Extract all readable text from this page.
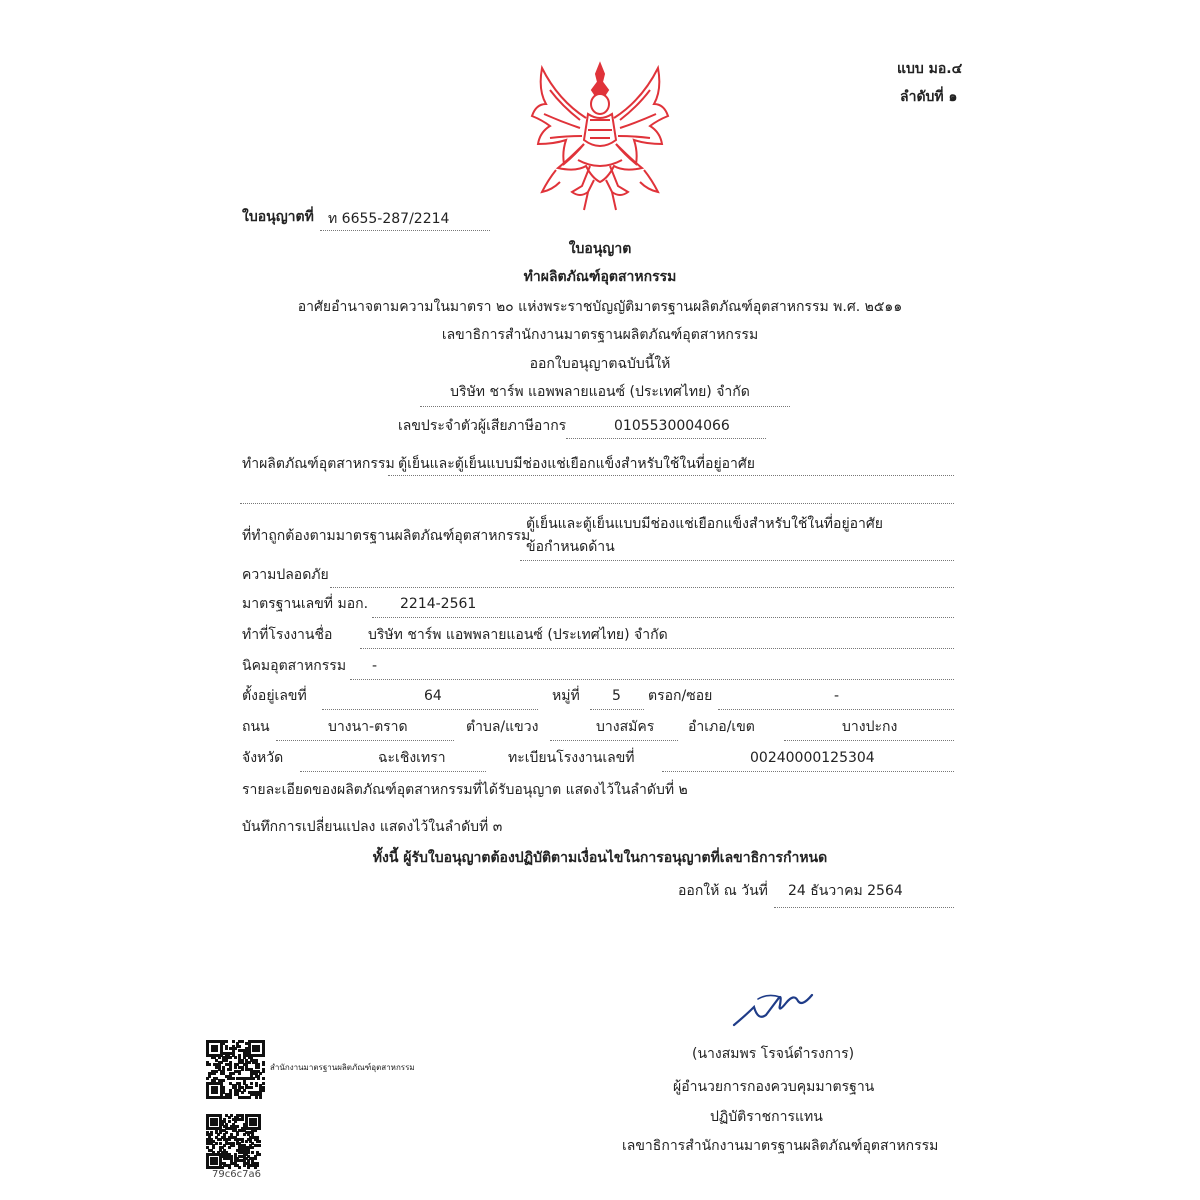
แบบ มอ.๔
ลำดับที่ ๑
ใบอนุญาตที่ ท 6655-287/2214
ใบอนุญาต
ทำผลิตภัณฑ์อุตสาหกรรม
อาศัยอำนาจตามความในมาตรา ๒๐ แห่งพระราชบัญญัติมาตรฐานผลิตภัณฑ์อุตสาหกรรม พ.ศ. ๒๕๑๑
เลขาธิการสำนักงานมาตรฐานผลิตภัณฑ์อุตสาหกรรม
ออกใบอนุญาตฉบับนี้ให้
บริษัท ชาร์พ แอพพลายแอนซ์ (ประเทศไทย) จำกัด
เลขประจำตัวผู้เสียภาษีอากร	0105530004066
ทำผลิตภัณฑ์อุตสาหกรรม ตู้เย็นและตู้เย็นแบบมีช่องแช่เยือกแข็งสำหรับใช้ในที่อยู่อาศัย
ที่ทำถูกต้องตามมาตรฐานผลิตภัณฑ์อุตสาหกรรม
ตู้เย็นและตู้เย็นแบบมีช่องแช่เยือกแข็งสำหรับใช้ในที่อยู่อาศัย
ข้อกำหนดด้าน
ความปลอดภัย
มาตรฐานเลขที่ มอก. 2214-2561
ทำที่โรงงานชื่อ	บริษัท ชาร์พ แอพพลายแอนซ์ (ประเทศไทย) จำกัด
นิคมอุตสาหกรรม -
ตั้งอยู่เลขที่	64	หมู่ที่ 5 ตรอก/ซอย	-
ถนน	บางนา-ตราด	ตำบล/แขวง	บางสมัคร อำเภอ/เขต	บางปะกง
จังหวัด	ฉะเชิงเทรา	ทะเบียนโรงงานเลขที่	00240000125304
รายละเอียดของผลิตภัณฑ์อุตสาหกรรมที่ได้รับอนุญาต แสดงไว้ในลำดับที่ ๒
บันทึกการเปลี่ยนแปลง แสดงไว้ในลำดับที่ ๓
ทั้งนี้ ผู้รับใบอนุญาตต้องปฏิบัติตามเงื่อนไขในการอนุญาตที่เลขาธิการกำหนด
ออกให้ ณ วันที่ 24 ธันวาคม 2564
(นางสมพร โรจน์ดำรงการ)
ผู้อำนวยการกองควบคุมมาตรฐาน
ปฏิบัติราชการแทน
เลขาธิการสำนักงานมาตรฐานผลิตภัณฑ์อุตสาหกรรม
สำนักงานมาตรฐานผลิตภัณฑ์อุตสาหกรรม
79c6c7a6
